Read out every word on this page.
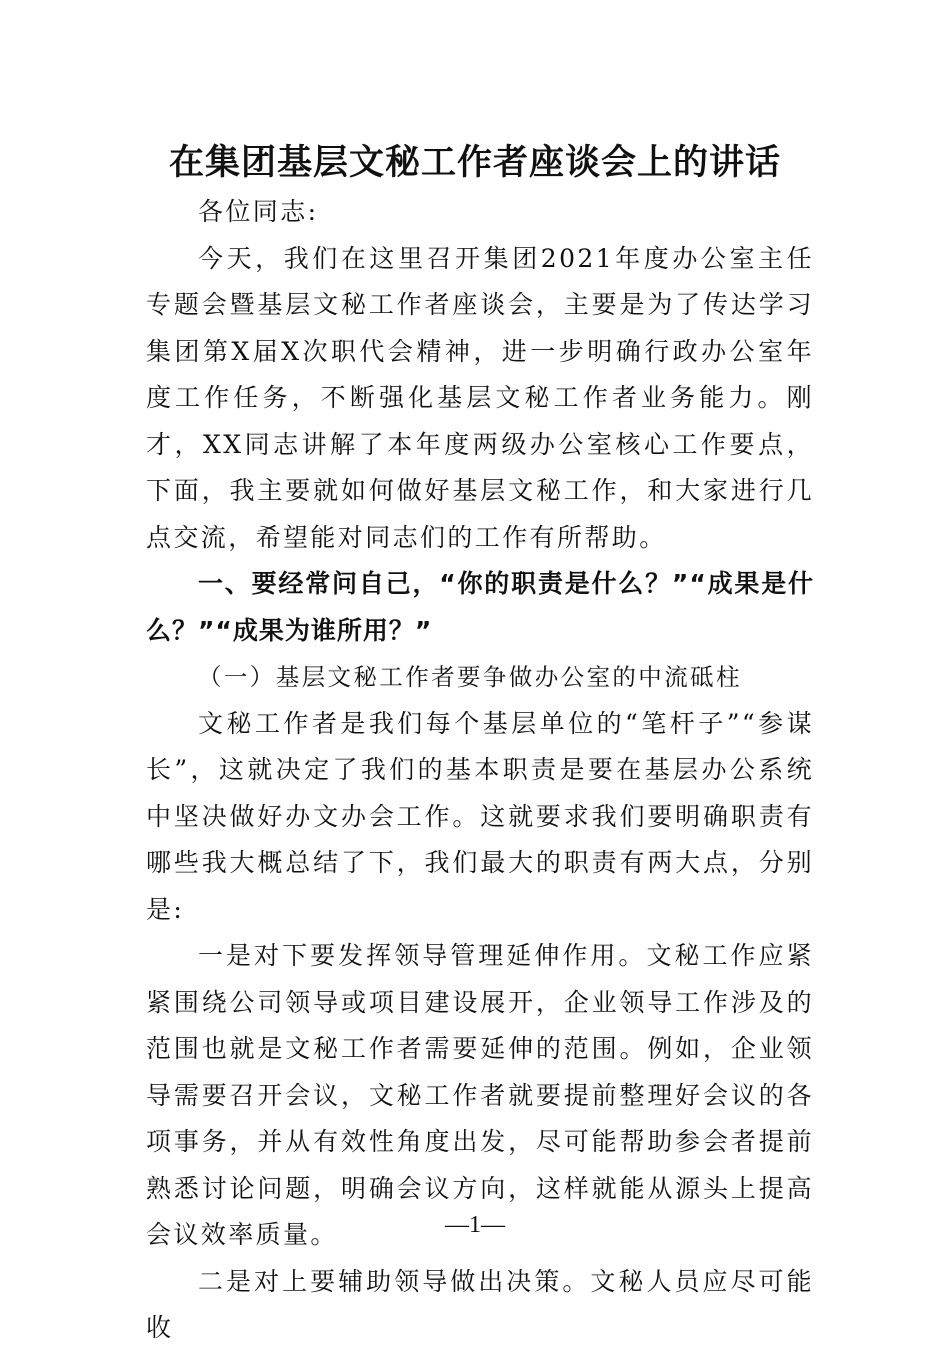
在集团基层文秘工作者座谈会上的讲话

各位同志:

今天，我们在这里召开集团2021年度办公室主任专题会暨基层文秘工作者座谈会，主要是为了传达学习集团第X届X次职代会精神，进一步明确行政办公室年度工作任务，不断强化基层文秘工作者业务能力。刚才，XX同志讲解了本年度两级办公室核心工作要点，下面，我主要就如何做好基层文秘工作，和大家进行几点交流，希望能对同志们的工作有所帮助。

一、要经常问自己，“你的职责是什么？”“成果是什么？”“成果为谁所用？”

（一）基层文秘工作者要争做办公室的中流砥柱

文秘工作者是我们每个基层单位的“笔杆子”“参谋长”，这就决定了我们的基本职责是要在基层办公系统中坚决做好办文办会工作。这就要求我们要明确职责有哪些我大概总结了下，我们最大的职责有两大点，分别是:

一是对下要发挥领导管理延伸作用。文秘工作应紧紧围绕公司领导或项目建设展开，企业领导工作涉及的范围也就是文秘工作者需要延伸的范围。例如，企业领导需要召开会议，文秘工作者就要提前整理好会议的各项事务，并从有效性角度出发，尽可能帮助参会者提前熟悉讨论问题，明确会议方向，这样就能从源头上提高会议效率质量。

二是对上要辅助领导做出决策。文秘人员应尽可能收

—1—
